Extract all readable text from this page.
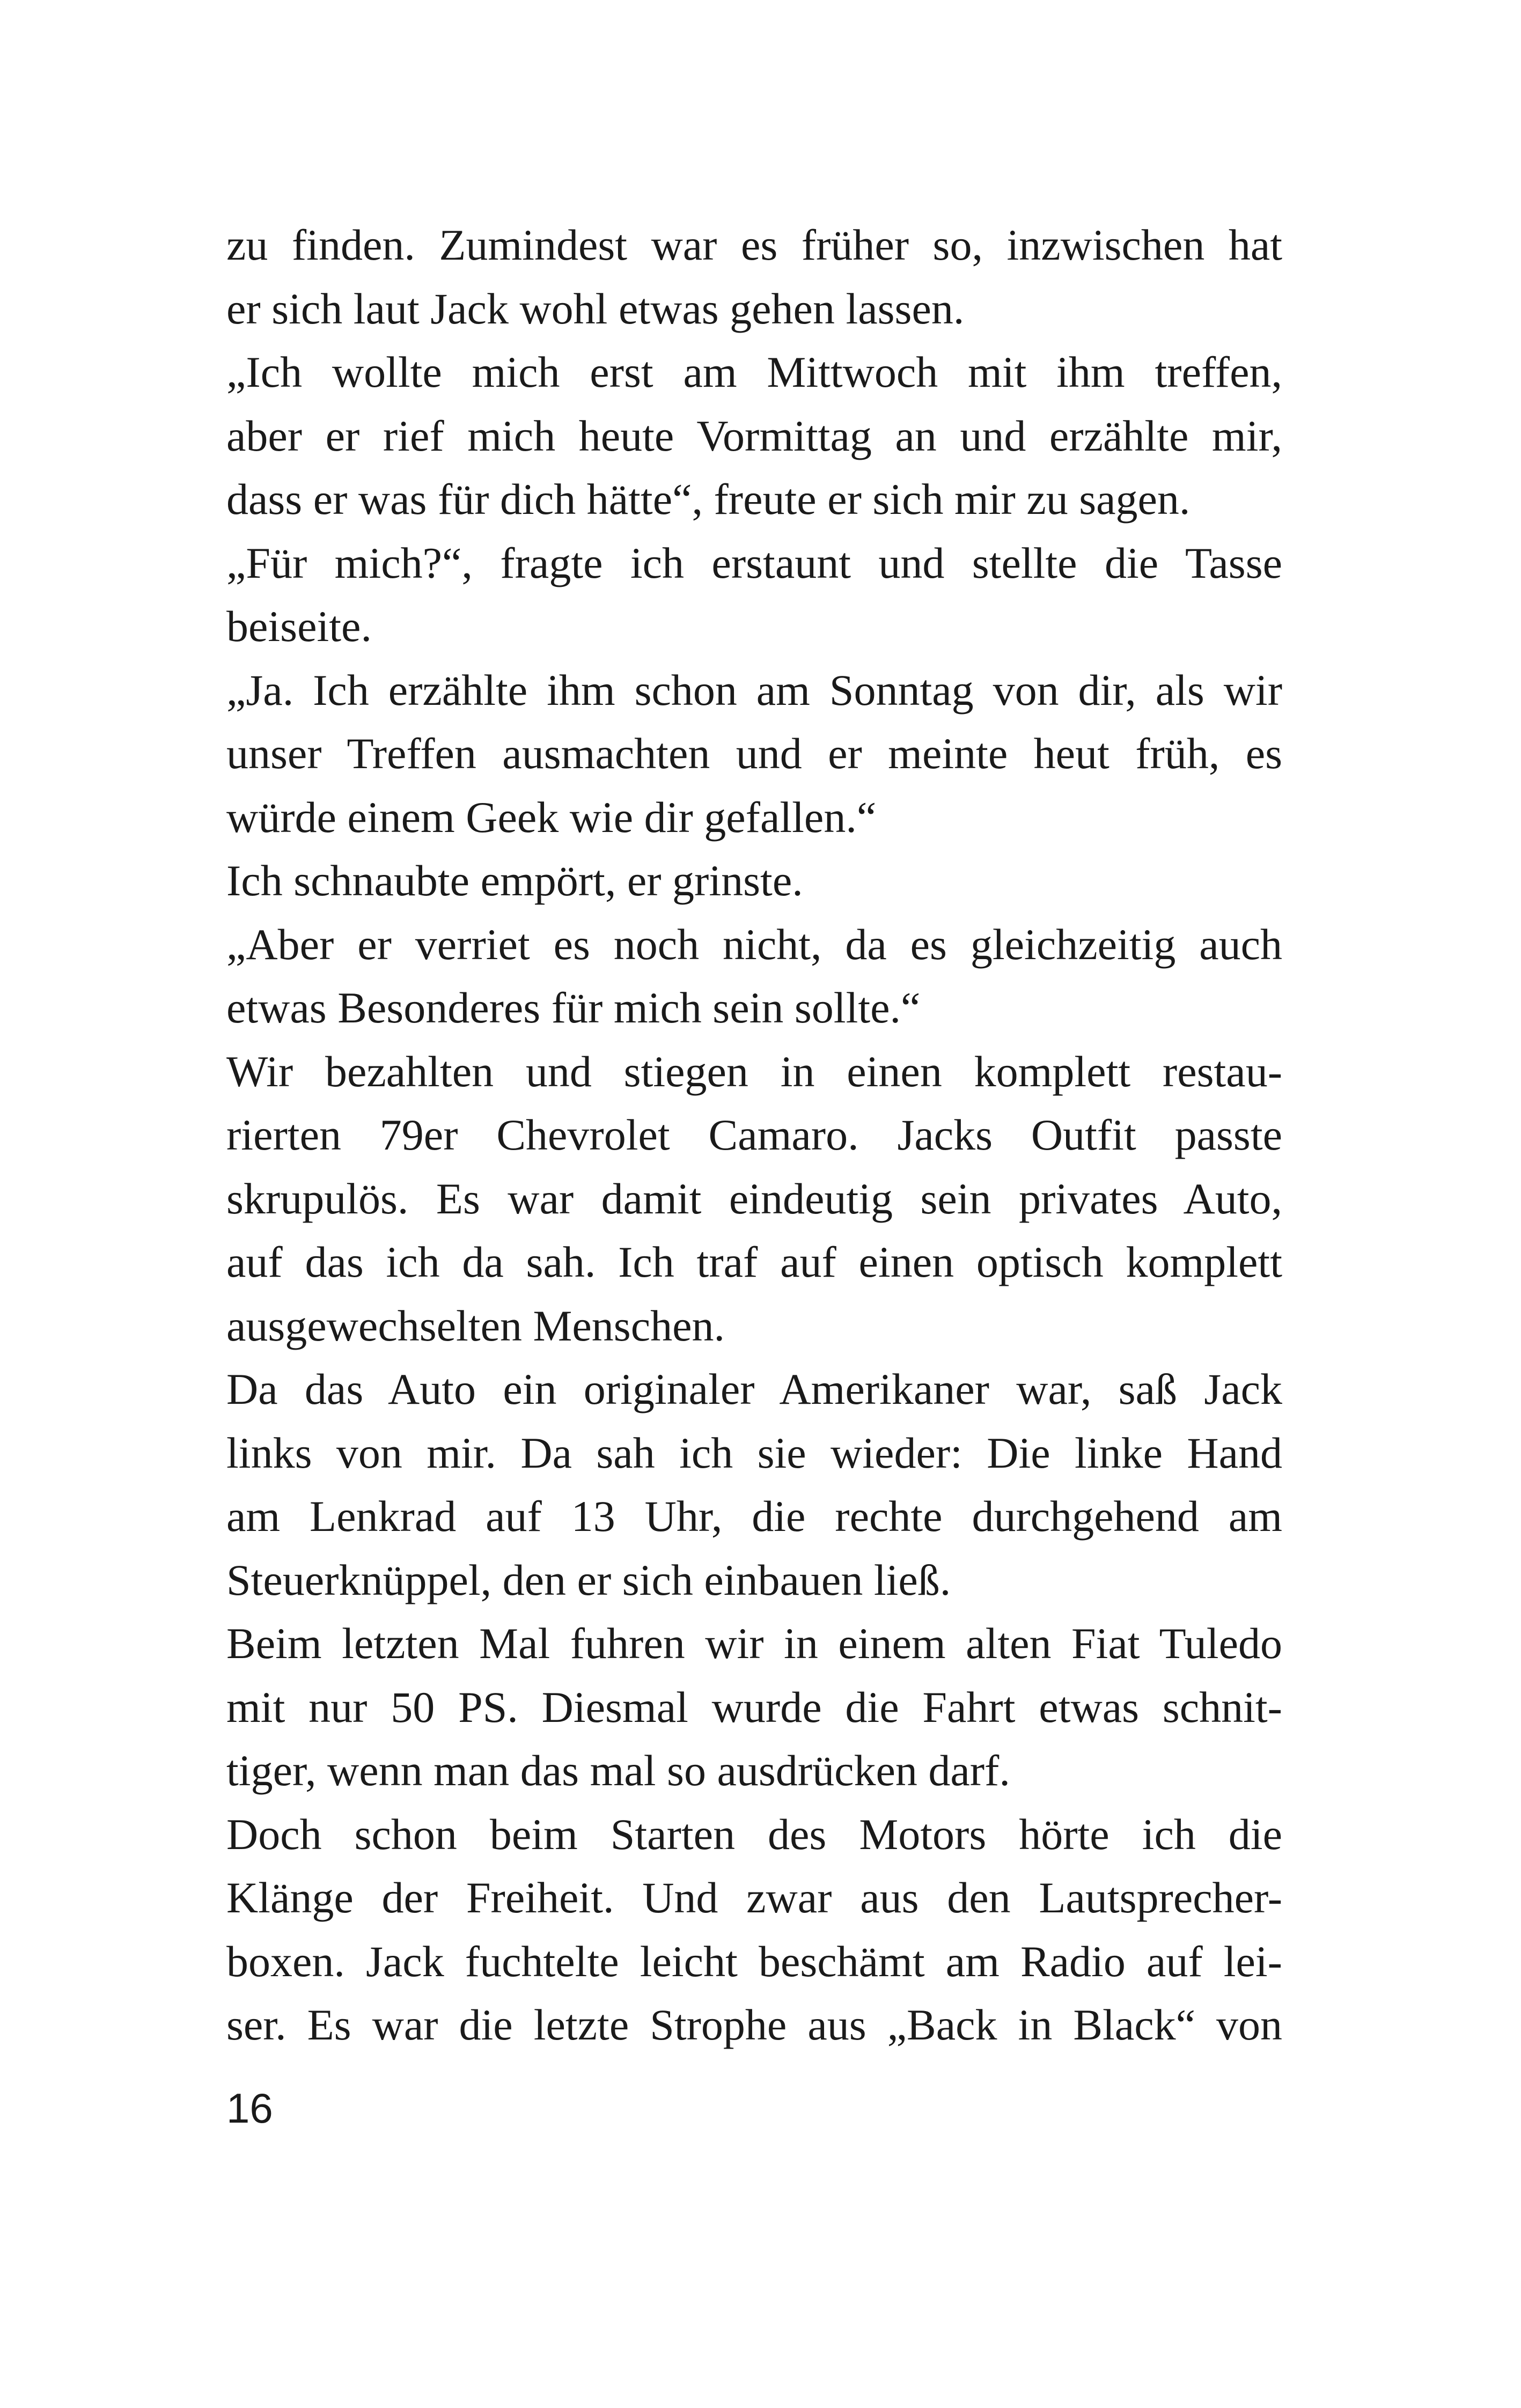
zu finden. Zumindest war es früher so, inzwischen hat
er sich laut Jack wohl etwas gehen lassen.
„Ich wollte mich erst am Mittwoch mit ihm treffen,
aber er rief mich heute Vormittag an und erzählte mir,
dass er was für dich hätte“, freute er sich mir zu sagen.
„Für mich?“, fragte ich erstaunt und stellte die Tasse
beiseite.
„Ja. Ich erzählte ihm schon am Sonntag von dir, als wir
unser Treffen ausmachten und er meinte heut früh, es
würde einem Geek wie dir gefallen.“
Ich schnaubte empört, er grinste.
„Aber er verriet es noch nicht, da es gleichzeitig auch
etwas Besonderes für mich sein sollte.“
Wir bezahlten und stiegen in einen komplett restau-
rierten 79er Chevrolet Camaro. Jacks Outfit passte
skrupulös. Es war damit eindeutig sein privates Auto,
auf das ich da sah. Ich traf auf einen optisch komplett
ausgewechselten Menschen.
Da das Auto ein originaler Amerikaner war, saß Jack
links von mir. Da sah ich sie wieder: Die linke Hand
am Lenkrad auf 13 Uhr, die rechte durchgehend am
Steuerknüppel, den er sich einbauen ließ.
Beim letzten Mal fuhren wir in einem alten Fiat Tuledo
mit nur 50 PS. Diesmal wurde die Fahrt etwas schnit-
tiger, wenn man das mal so ausdrücken darf.
Doch schon beim Starten des Motors hörte ich die
Klänge der Freiheit. Und zwar aus den Lautsprecher-
boxen. Jack fuchtelte leicht beschämt am Radio auf lei-
ser. Es war die letzte Strophe aus „Back in Black“ von
16
